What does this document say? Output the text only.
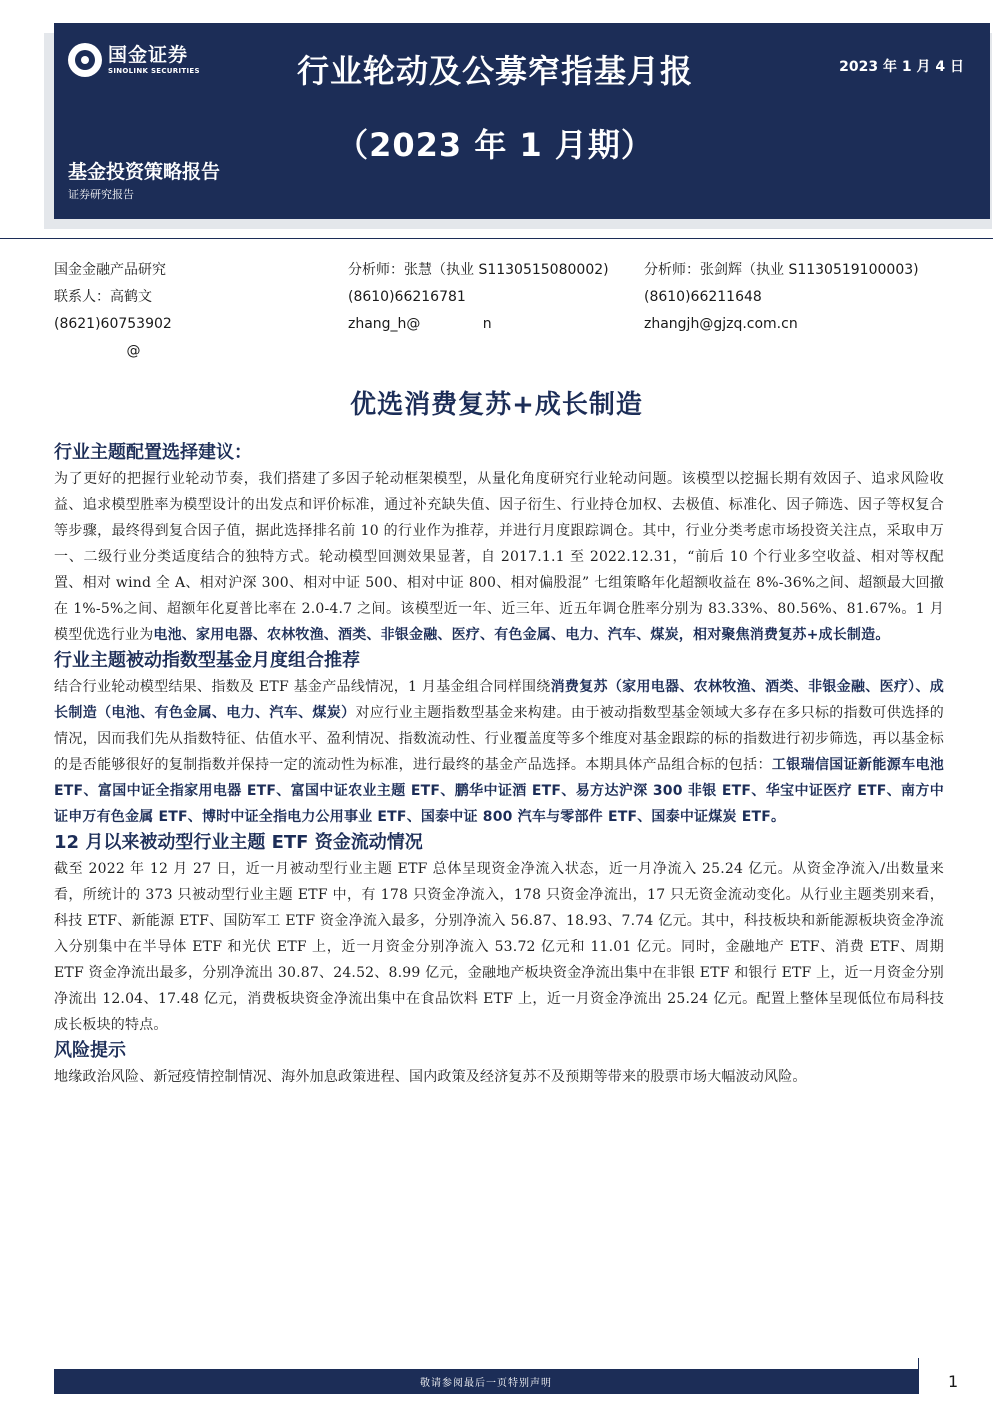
国金证券
SINOLINK SECURITIES	2023 年 1 月 4 日
基金投资策略报告
证券研究报告
行业轮动及公募窄指基月报
（2023 年 1 月期）
国金金融产品研究
联系人：高鹤文
(8621)60753902
@
分析师：张慧（执业 S1130515080002)
(8610)66216781
zhang_h@              n
分析师：张剑辉（执业 S1130519100003)
(8610)66211648
zhangjh@gjzq.com.cn
优选消费复苏+成长制造
行业主题配置选择建议：
为了更好的把握行业轮动节奏，我们搭建了多因子轮动框架模型，从量化角度研究行业轮动问题。该模型以挖掘长期有效因子、追求风险收益、追求模型胜率为模型设计的出发点和评价标准，通过补充缺失值、因子衍生、行业持仓加权、去极值、标准化、因子筛选、因子等权复合等步骤，最终得到复合因子值，据此选择排名前 10 的行业作为推荐，并进行月度跟踪调仓。其中，行业分类考虑市场投资关注点，采取申万一、二级行业分类适度结合的独特方式。轮动模型回测效果显著，自 2017.1.1 至 2022.12.31，“前后 10 个行业多空收益、相对等权配置、相对 wind 全 A、相对沪深 300、相对中证 500、相对中证 800、相对偏股混” 七组策略年化超额收益在 8%-36%之间、超额最大回撤在 1%-5%之间、超额年化夏普比率在 2.0-4.7 之间。该模型近一年、近三年、近五年调仓胜率分别为 83.33%、80.56%、81.67%。1 月模型优选行业为电池、家用电器、农林牧渔、酒类、非银金融、医疗、有色金属、电力、汽车、煤炭，相对聚焦消费复苏+成长制造。
行业主题被动指数型基金月度组合推荐
结合行业轮动模型结果、指数及 ETF 基金产品线情况，1 月基金组合同样围绕消费复苏（家用电器、农林牧渔、酒类、非银金融、医疗）、成长制造（电池、有色金属、电力、汽车、煤炭）对应行业主题指数型基金来构建。由于被动指数型基金领域大多存在多只标的指数可供选择的情况，因而我们先从指数特征、估值水平、盈利情况、指数流动性、行业覆盖度等多个维度对基金跟踪的标的指数进行初步筛选，再以基金标的是否能够很好的复制指数并保持一定的流动性为标准，进行最终的基金产品选择。本期具体产品组合标的包括：工银瑞信国证新能源车电池 ETF、富国中证全指家用电器 ETF、富国中证农业主题 ETF、鹏华中证酒 ETF、易方达沪深 300 非银 ETF、华宝中证医疗 ETF、南方中证申万有色金属 ETF、博时中证全指电力公用事业 ETF、国泰中证 800 汽车与零部件 ETF、国泰中证煤炭 ETF。
12 月以来被动型行业主题 ETF 资金流动情况
截至 2022 年 12 月 27 日，近一月被动型行业主题 ETF 总体呈现资金净流入状态，近一月净流入 25.24 亿元。从资金净流入/出数量来看，所统计的 373 只被动型行业主题 ETF 中，有 178 只资金净流入，178 只资金净流出，17 只无资金流动变化。从行业主题类别来看，科技 ETF、新能源 ETF、国防军工 ETF 资金净流入最多，分别净流入 56.87、18.93、7.74 亿元。其中，科技板块和新能源板块资金净流入分别集中在半导体 ETF 和光伏 ETF 上，近一月资金分别净流入 53.72 亿元和 11.01 亿元。同时，金融地产 ETF、消费 ETF、周期 ETF 资金净流出最多，分别净流出 30.87、24.52、8.99 亿元，金融地产板块资金净流出集中在非银 ETF 和银行 ETF 上，近一月资金分别净流出 12.04、17.48 亿元，消费板块资金净流出集中在食品饮料 ETF 上，近一月资金净流出 25.24 亿元。配置上整体呈现低位布局科技成长板块的特点。
风险提示
地缘政治风险、新冠疫情控制情况、海外加息政策进程、国内政策及经济复苏不及预期等带来的股票市场大幅波动风险。
敬请参阅最后一页特别声明	1
